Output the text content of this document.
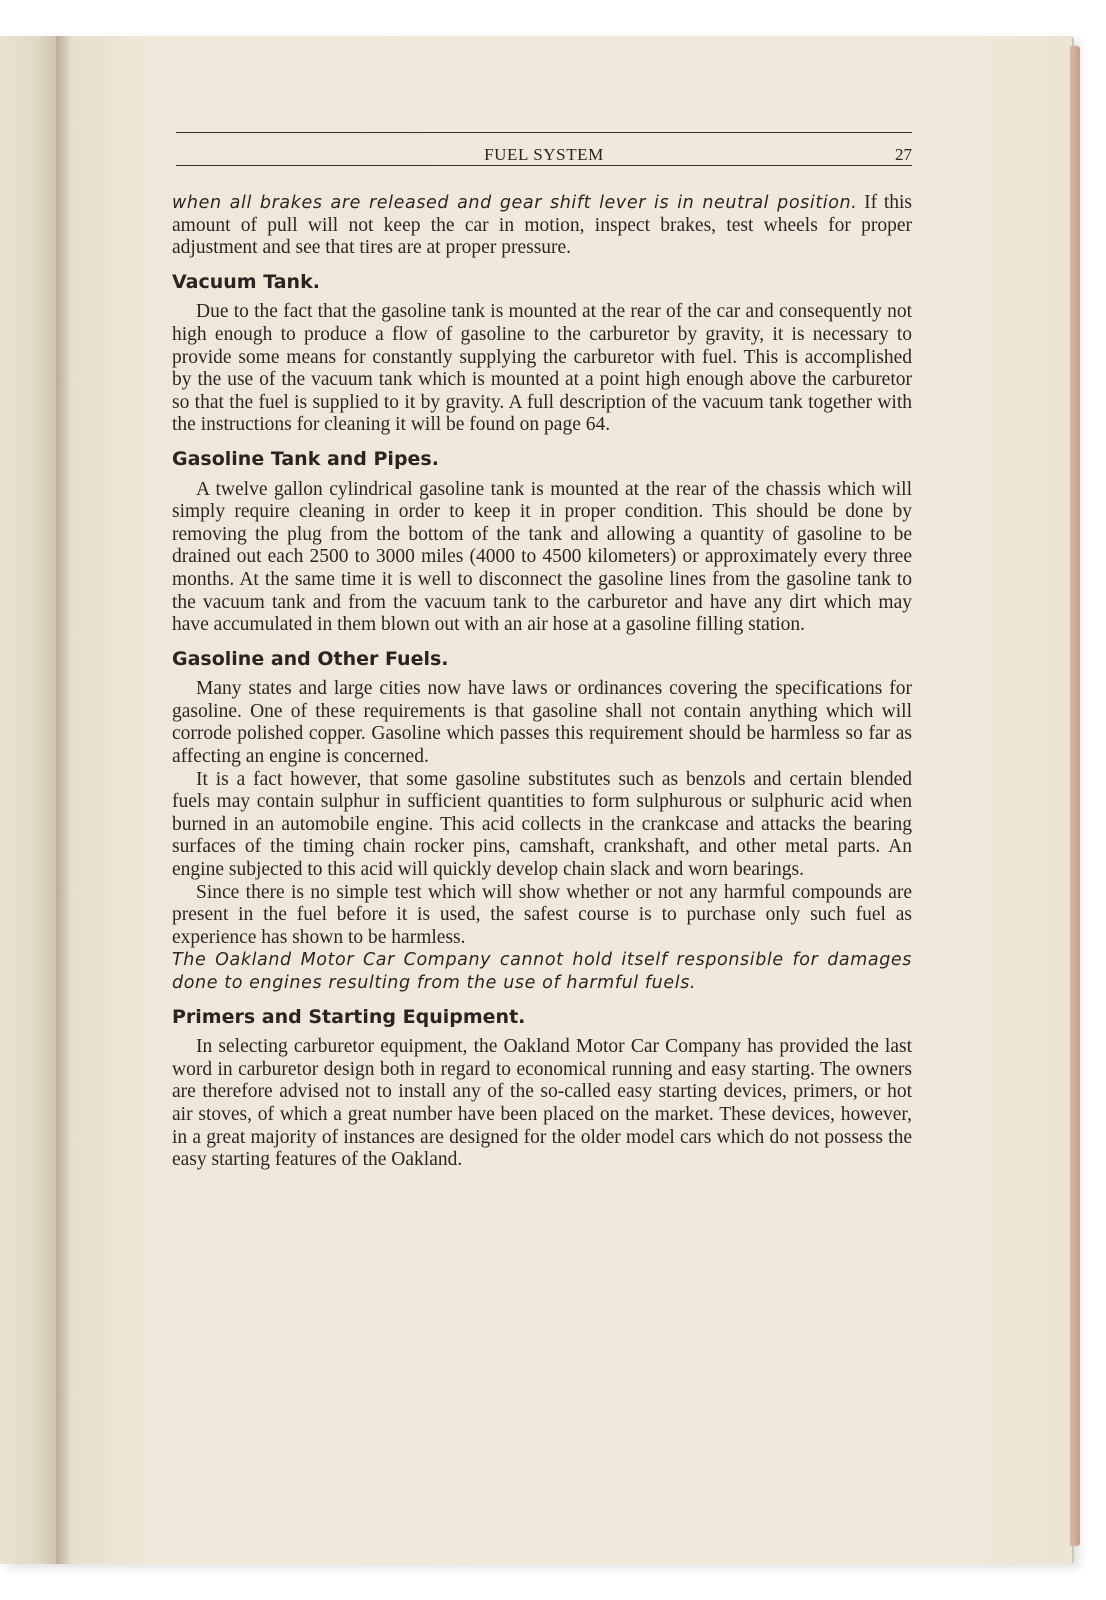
FUEL SYSTEM	27

when all brakes are released and gear shift lever is in neutral position. If this amount of pull will not keep the car in motion, inspect brakes, test wheels for proper adjustment and see that tires are at proper pressure.

Vacuum Tank.

Due to the fact that the gasoline tank is mounted at the rear of the car and consequently not high enough to produce a flow of gasoline to the carburetor by gravity, it is necessary to provide some means for constantly supplying the carburetor with fuel. This is accomplished by the use of the vacuum tank which is mounted at a point high enough above the carburetor so that the fuel is supplied to it by gravity. A full description of the vacuum tank together with the instructions for cleaning it will be found on page 64.

Gasoline Tank and Pipes.

A twelve gallon cylindrical gasoline tank is mounted at the rear of the chassis which will simply require cleaning in order to keep it in proper condition. This should be done by removing the plug from the bottom of the tank and allowing a quantity of gasoline to be drained out each 2500 to 3000 miles (4000 to 4500 kilometers) or approximately every three months. At the same time it is well to disconnect the gasoline lines from the gasoline tank to the vacuum tank and from the vacuum tank to the carburetor and have any dirt which may have accumulated in them blown out with an air hose at a gasoline filling station.

Gasoline and Other Fuels.

Many states and large cities now have laws or ordinances covering the specifications for gasoline. One of these requirements is that gasoline shall not contain anything which will corrode polished copper. Gasoline which passes this requirement should be harmless so far as affecting an engine is concerned.

It is a fact however, that some gasoline substitutes such as benzols and certain blended fuels may contain sulphur in sufficient quantities to form sulphurous or sulphuric acid when burned in an automobile engine. This acid collects in the crankcase and attacks the bearing surfaces of the timing chain rocker pins, camshaft, crankshaft, and other metal parts. An engine subjected to this acid will quickly develop chain slack and worn bearings.

Since there is no simple test which will show whether or not any harmful compounds are present in the fuel before it is used, the safest course is to purchase only such fuel as experience has shown to be harmless.

The Oakland Motor Car Company cannot hold itself responsible for damages done to engines resulting from the use of harmful fuels.

Primers and Starting Equipment.

In selecting carburetor equipment, the Oakland Motor Car Company has provided the last word in carburetor design both in regard to economical running and easy starting. The owners are therefore advised not to install any of the so-called easy starting devices, primers, or hot air stoves, of which a great number have been placed on the market. These devices, however, in a great majority of instances are designed for the older model cars which do not possess the easy starting features of the Oakland.
